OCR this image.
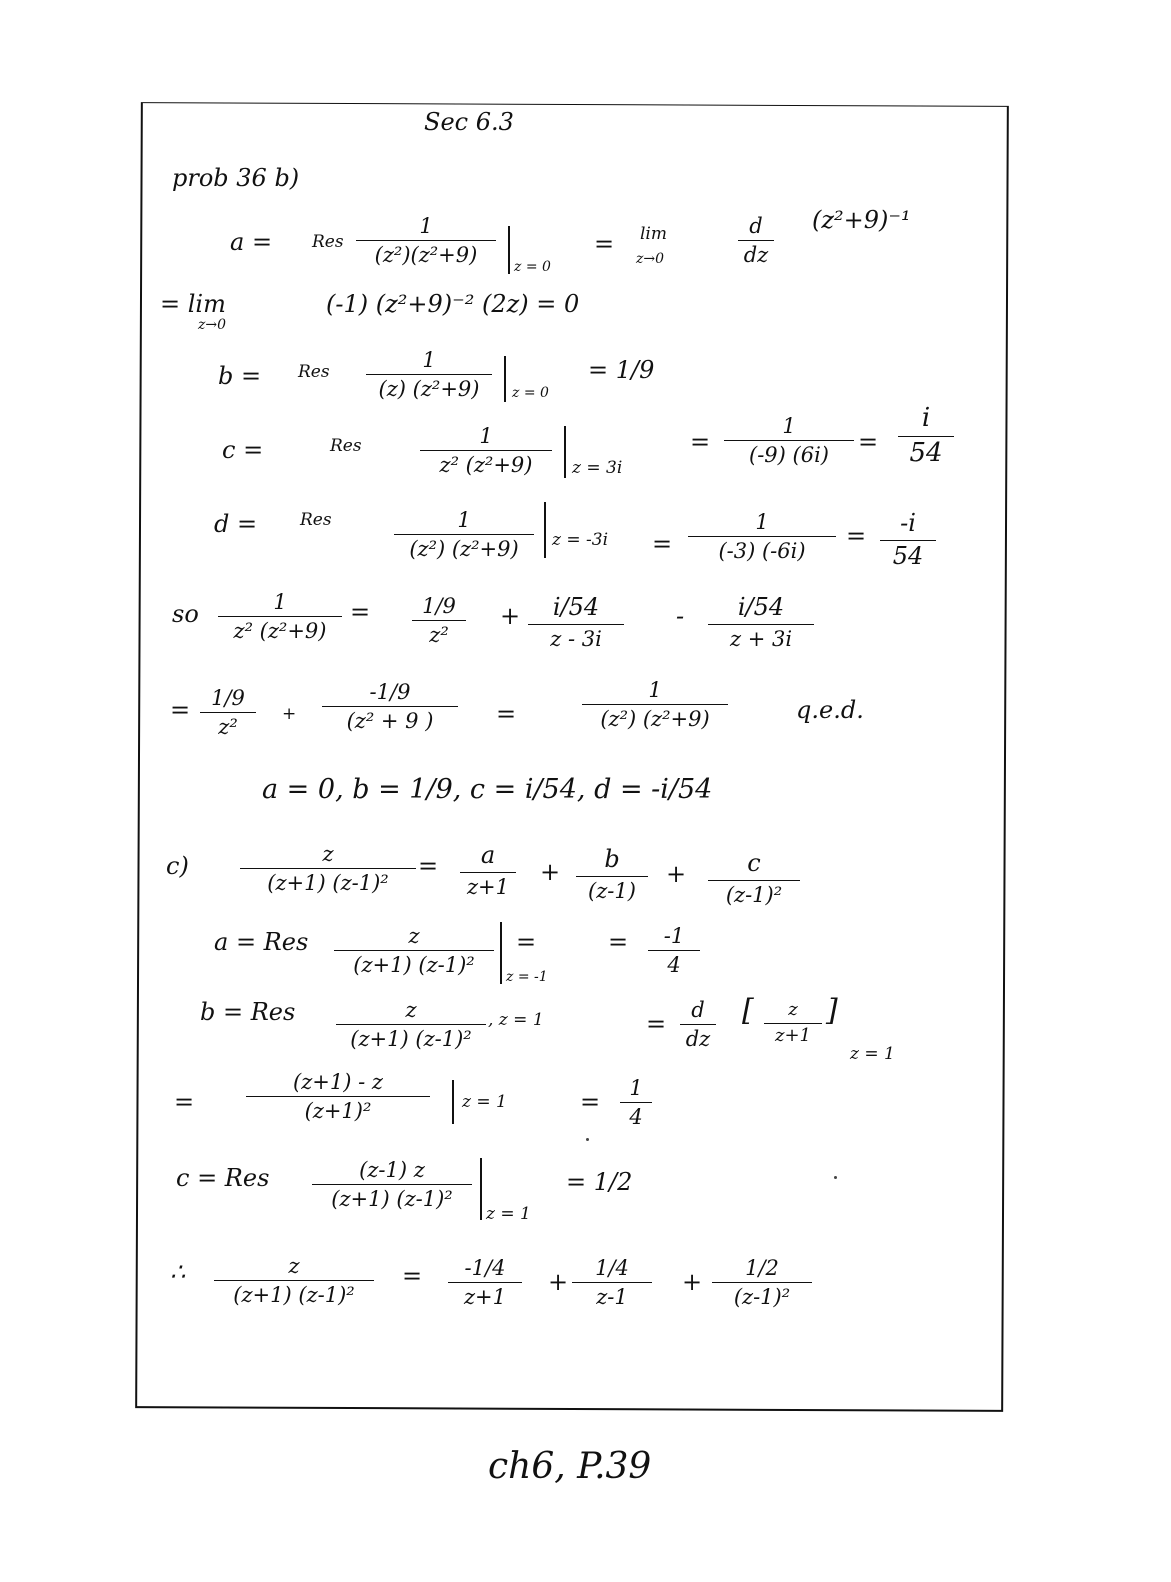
Sec 6.3
prob 36 b)
a = Res
1
(z²)(z²+9)	z = 0
= lim
z→0
d
dz
(z²+9)⁻¹
= lim
z→0
(-1) (z²+9)⁻² (2z) = 0
b = Res	1
(z) (z²+9)	z = 0
= 1/9
c =	Res	1
z² (z²+9)	z = 3i
=
1
(-9) (6i)	=
i
54
d =	Res	1
(z²) (z²+9)	z = -3i =
1
(-3) (-6i)
=	-i
54
so	1
z² (z²+9)
=	1/9
z²
+	i/54
z - 3i
-	i/54
z + 3i
= 1/9
z²
+
-1/9
(z² + 9 )	=
1
(z²) (z²+9)	q.e.d.
a = 0, b = 1/9, c = i/54, d = -i/54
c)	z
(z+1) (z-1)²
=	a
z+1
+	b
(z-1)
+	c
(z-1)²
a = Res	z
(z+1) (z-1)²	z = -1
=	=	-1
4
b = Res	z
(z+1) (z-1)²
, z = 1	=	d
dz
[	z
z+1
]
z = 1
=
(z+1) - z
(z+1)²	z = 1	=	1
4
c = Res	(z-1) z
(z+1) (z-1)²
z = 1
= 1/2
∴	z
(z+1) (z-1)²
=	-1/4
z+1
+	1/4
z-1
+	1/2
(z-1)²
ch6, P.39
